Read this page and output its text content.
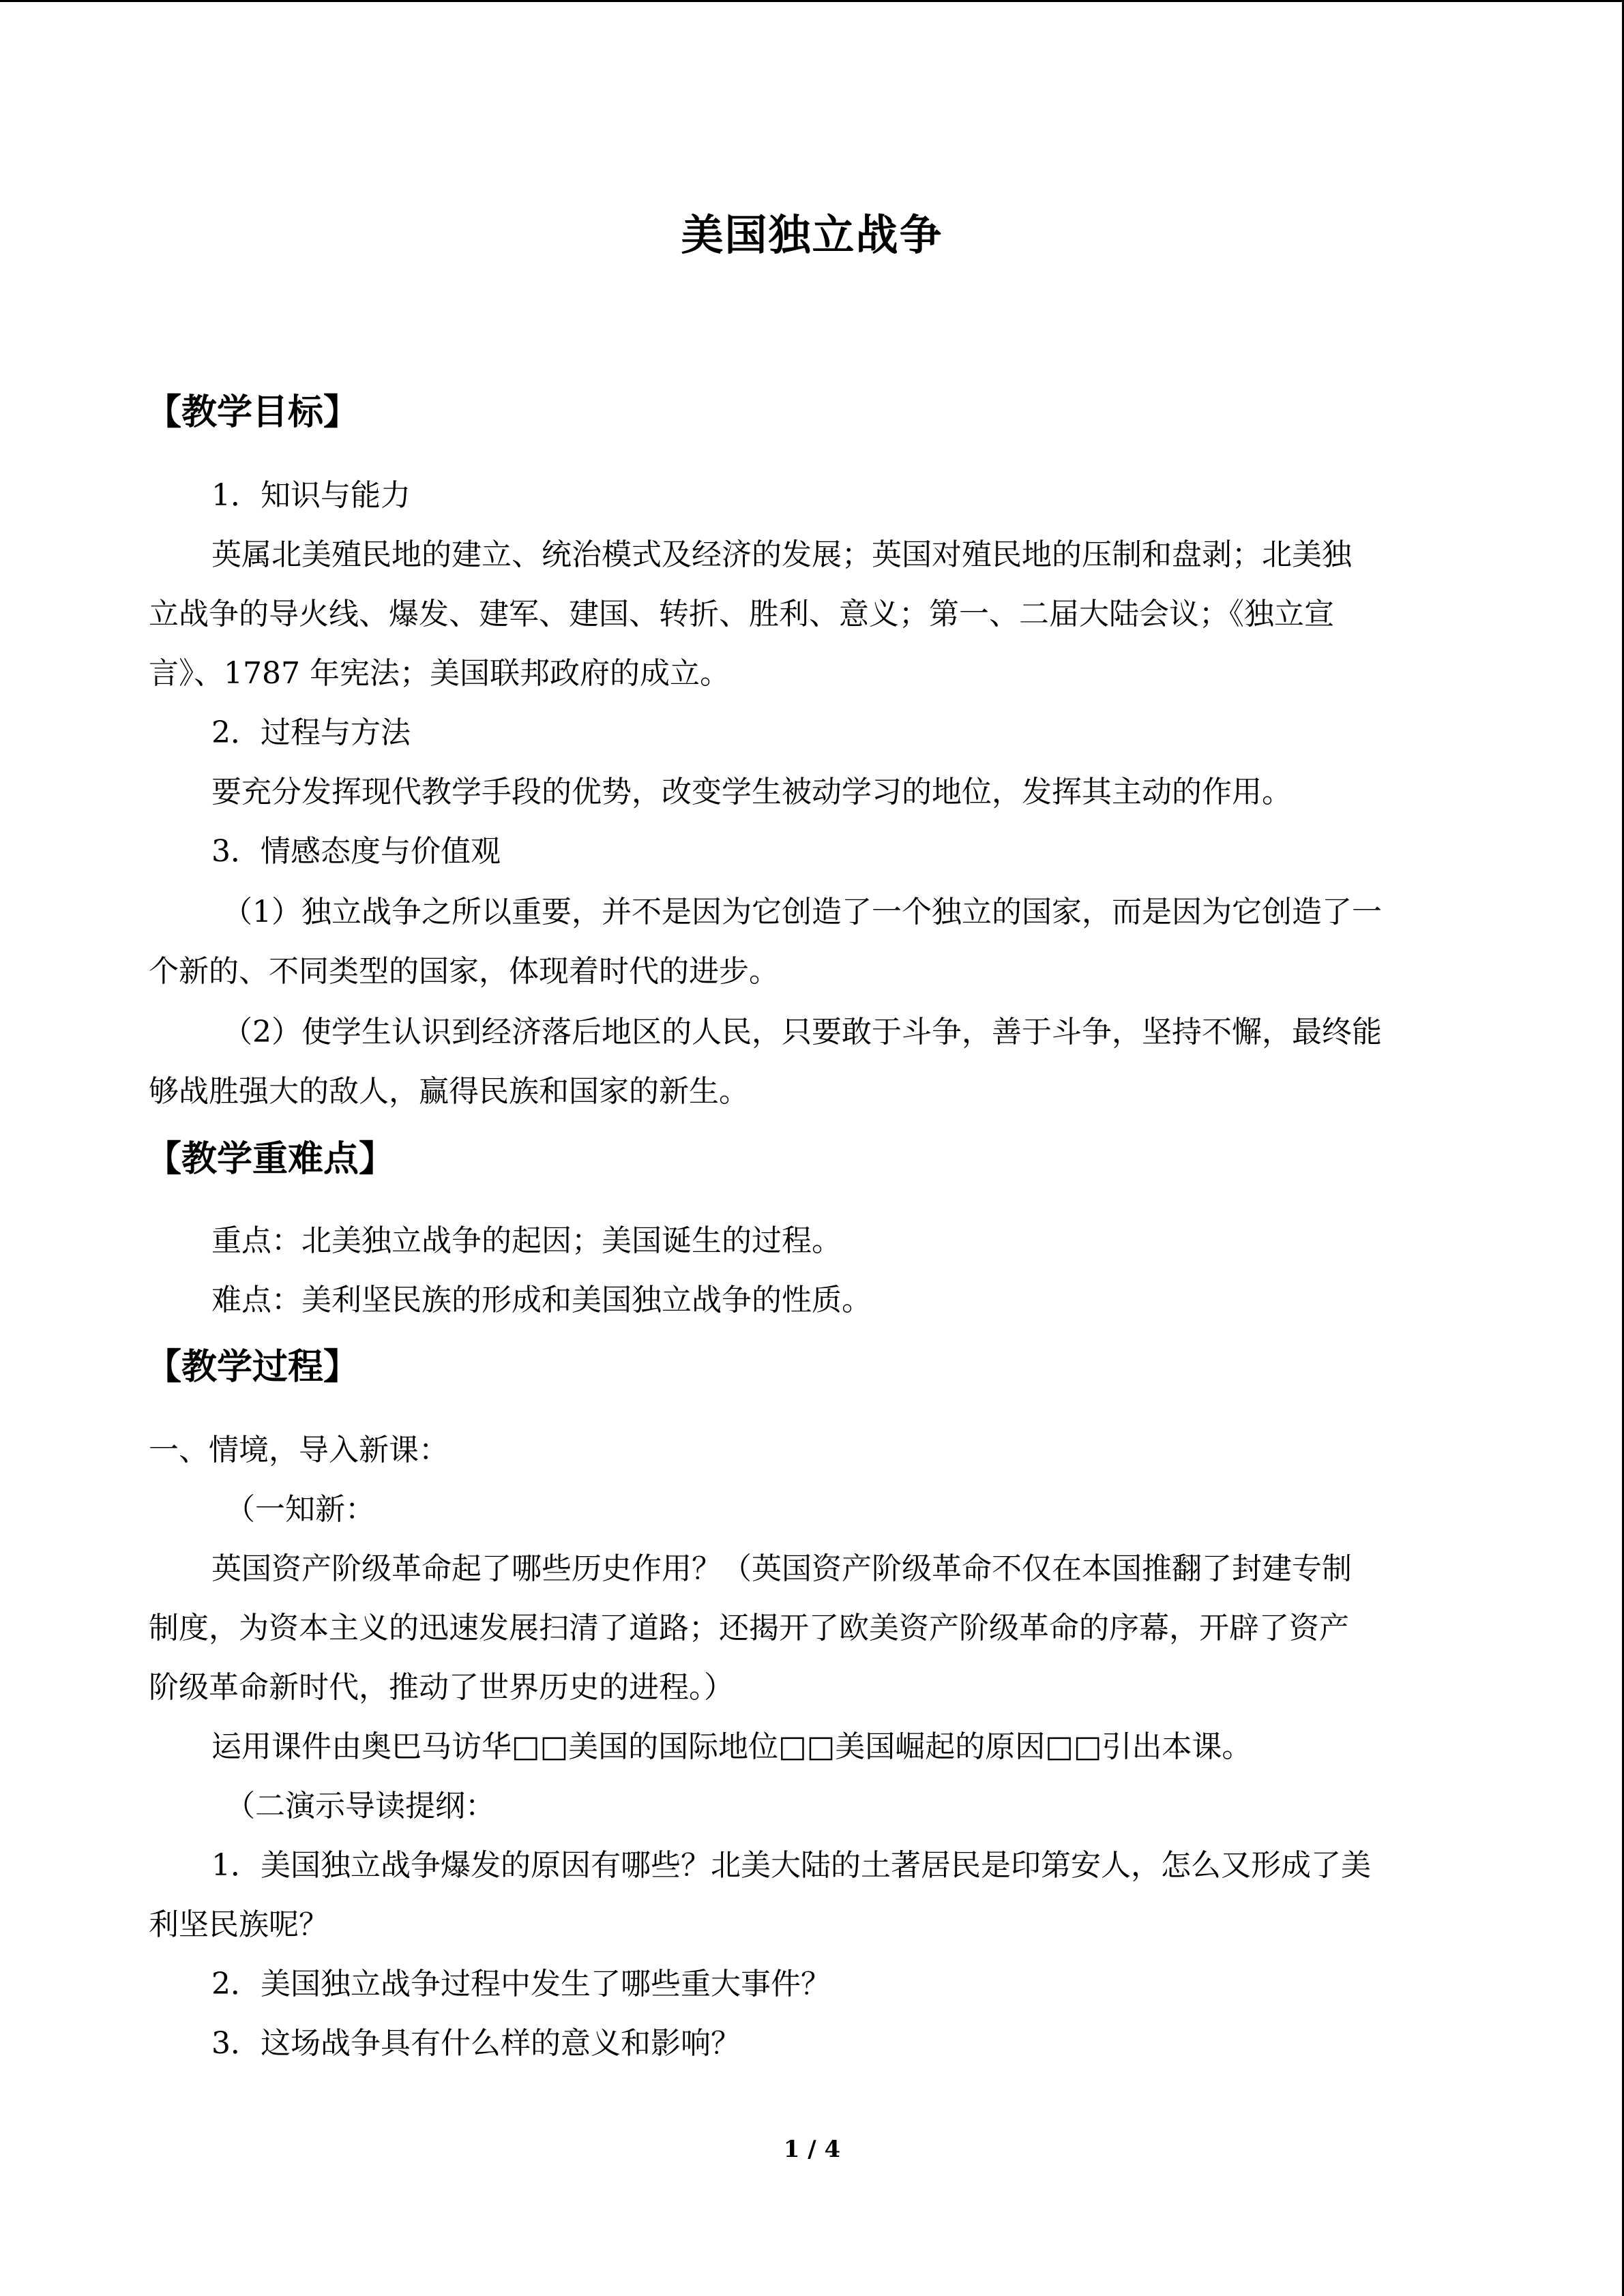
美国独立战争
【教学目标】
1．知识与能力
英属北美殖民地的建立、统治模式及经济的发展；英国对殖民地的压制和盘剥；北美独
立战争的导火线、爆发、建军、建国、转折、胜利、意义；第一、二届大陆会议；《独立宣
言》、1787 年宪法；美国联邦政府的成立。
2．过程与方法
要充分发挥现代教学手段的优势，改变学生被动学习的地位，发挥其主动的作用。
3．情感态度与价值观
（1）独立战争之所以重要，并不是因为它创造了一个独立的国家，而是因为它创造了一
个新的、不同类型的国家，体现着时代的进步。
（2）使学生认识到经济落后地区的人民，只要敢于斗争，善于斗争，坚持不懈，最终能
够战胜强大的敌人，赢得民族和国家的新生。
【教学重难点】
重点：北美独立战争的起因；美国诞生的过程。
难点：美利坚民族的形成和美国独立战争的性质。
【教学过程】
一、情境，导入新课：
（一知新：
英国资产阶级革命起了哪些历史作用？（英国资产阶级革命不仅在本国推翻了封建专制
制度，为资本主义的迅速发展扫清了道路；还揭开了欧美资产阶级革命的序幕，开辟了资产
阶级革命新时代，推动了世界历史的进程。）
运用课件由奥巴马访华□□美国的国际地位□□美国崛起的原因□□引出本课。
（二演示导读提纲：
1．美国独立战争爆发的原因有哪些？北美大陆的土著居民是印第安人，怎么又形成了美
利坚民族呢？
2．美国独立战争过程中发生了哪些重大事件？
3．这场战争具有什么样的意义和影响？
1 / 4
